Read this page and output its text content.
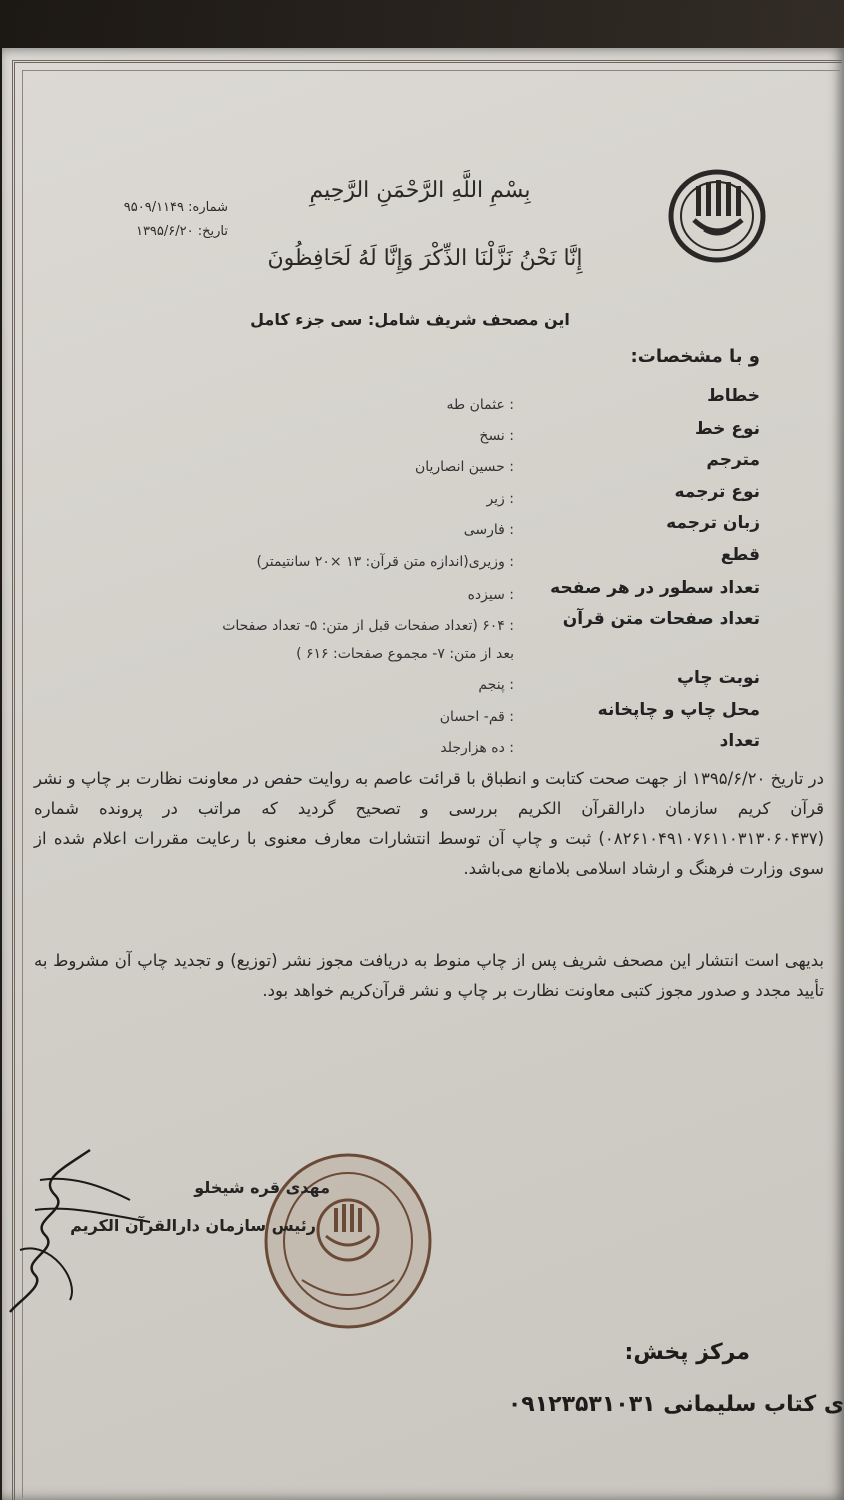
بِسْمِ اللَّهِ الرَّحْمَنِ الرَّحِيمِ
إِنَّا نَحْنُ نَزَّلْنَا الذِّكْرَ وَإِنَّا لَهُ لَحَافِظُونَ
شماره: ۹۵۰۹/۱۱۴۹
تاریخ: ۱۳۹۵/۶/۲۰
این مصحف شریف شامل: سی جزء کامل
و با مشخصات:
خطاط
: عثمان طه
نوع خط
: نسخ
مترجم
: حسین انصاریان
نوع ترجمه
: زیر
زبان ترجمه
: فارسی
قطع
: وزیری(اندازه متن قرآن: ۱۳ ×۲۰ سانتیمتر)
تعداد سطور در هر صفحه
: سیزده
تعداد صفحات متن قرآن
: ۶۰۴ (تعداد صفحات قبل از متن: ۵- تعداد صفحات
بعد از متن: ۷- مجموع صفحات: ۶۱۶ )
نوبت چاپ
: پنجم
محل چاپ و چاپخانه
: قم- احسان
تعداد
: ده هزارجلد
در تاریخ ۱۳۹۵/۶/۲۰ از جهت صحت کتابت و انطباق با قرائت عاصم به روایت حفص در معاونت نظارت بر چاپ و نشر قرآن کریم سازمان دارالقرآن الکریم بررسی و تصحیح گردید که مراتب در پرونده شماره (۰۸۲۶۱۰۴۹۱۰۷۶۱۱۰۳۱۳۰۶۰۴۳۷) ثبت و چاپ آن توسط انتشارات معارف معنوی با رعایت مقررات اعلام شده از سوی وزارت فرهنگ و ارشاد اسلامی بلامانع می‌باشد.
بدیهی است انتشار این مصحف شریف پس از چاپ منوط به دریافت مجوز نشر (توزیع) و تجدید چاپ آن مشروط به تأیید مجدد و صدور مجوز کتبی معاونت نظارت بر چاپ و نشر قرآن‌کریم خواهد بود.
مهدی قره شیخلو
رئیس سازمان دارالقرآن الکریم
مرکز پخش:
ی کتاب سلیمانی ۰۹۱۲۳۵۳۱۰۳۱
